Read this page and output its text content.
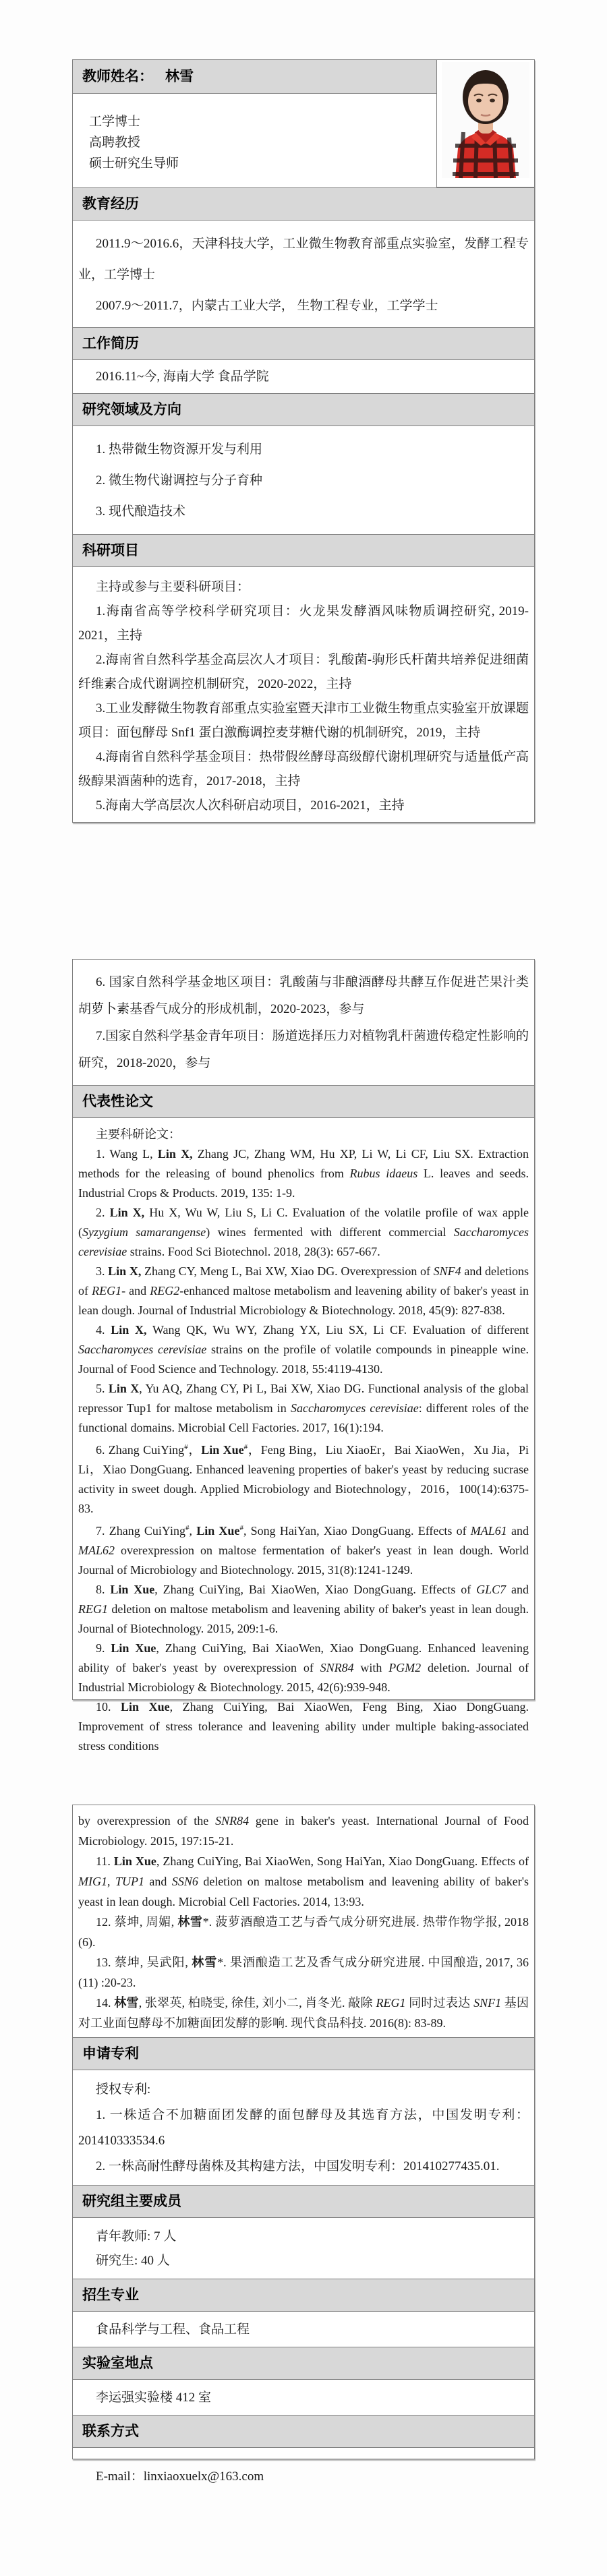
教师姓名： 林雪

工学博士

高聘教授

硕士研究生导师

教育经历

2011.9～2016.6，天津科技大学，工业微生物教育部重点实验室，发酵工程专业，工学博士

2007.9～2011.7，内蒙古工业大学， 生物工程专业，工学学士

工作简历

2016.11~今, 海南大学 食品学院

研究领域及方向

1. 热带微生物资源开发与利用

2. 微生物代谢调控与分子育种

3. 现代酿造技术

科研项目

主持或参与主要科研项目：

1.海南省高等学校科学研究项目：火龙果发酵酒风味物质调控研究, 2019-2021，主持

2.海南省自然科学基金高层次人才项目：乳酸菌-驹形氏杆菌共培养促进细菌纤维素合成代谢调控机制研究，2020-2022，主持

3.工业发酵微生物教育部重点实验室暨天津市工业微生物重点实验室开放课题项目：面包酵母 Snf1 蛋白激酶调控麦芽糖代谢的机制研究，2019，主持

4.海南省自然科学基金项目：热带假丝酵母高级醇代谢机理研究与适量低产高级醇果酒菌种的选育，2017-2018，主持

5.海南大学高层次人次科研启动项目，2016-2021，主持

6. 国家自然科学基金地区项目：乳酸菌与非酿酒酵母共酵互作促进芒果汁类胡萝卜素基香气成分的形成机制，2020-2023，参与

7.国家自然科学基金青年项目：肠道选择压力对植物乳杆菌遗传稳定性影响的研究，2018-2020，参与

代表性论文

主要科研论文：

1. Wang L, Lin X, Zhang JC, Zhang WM, Hu XP, Li W, Li CF, Liu SX. Extraction methods for the releasing of bound phenolics from Rubus idaeus L. leaves and seeds. Industrial Crops & Products. 2019, 135: 1-9.

2. Lin X, Hu X, Wu W, Liu S, Li C. Evaluation of the volatile profile of wax apple (Syzygium samarangense) wines fermented with different commercial Saccharomyces cerevisiae strains. Food Sci Biotechnol. 2018, 28(3): 657-667.

3. Lin X, Zhang CY, Meng L, Bai XW, Xiao DG. Overexpression of SNF4 and deletions of REG1- and REG2-enhanced maltose metabolism and leavening ability of baker's yeast in lean dough. Journal of Industrial Microbiology & Biotechnology. 2018, 45(9): 827-838.

4. Lin X, Wang QK, Wu WY, Zhang YX, Liu SX, Li CF. Evaluation of different Saccharomyces cerevisiae strains on the profile of volatile compounds in pineapple wine. Journal of Food Science and Technology. 2018, 55:4119-4130.

5. Lin X, Yu AQ, Zhang CY, Pi L, Bai XW, Xiao DG. Functional analysis of the global repressor Tup1 for maltose metabolism in Saccharomyces cerevisiae: different roles of the functional domains. Microbial Cell Factories. 2017, 16(1):194.

6. Zhang CuiYing#，Lin Xue#，Feng Bing，Liu XiaoEr，Bai XiaoWen，Xu Jia，Pi Li，Xiao DongGuang. Enhanced leavening properties of baker's yeast by reducing sucrase activity in sweet dough. Applied Microbiology and Biotechnology，2016，100(14):6375-83.

7. Zhang CuiYing#, Lin Xue#, Song HaiYan, Xiao DongGuang. Effects of MAL61 and MAL62 overexpression on maltose fermentation of baker's yeast in lean dough. World Journal of Microbiology and Biotechnology. 2015, 31(8):1241-1249.

8. Lin Xue, Zhang CuiYing, Bai XiaoWen, Xiao DongGuang. Effects of GLC7 and REG1 deletion on maltose metabolism and leavening ability of baker's yeast in lean dough. Journal of Biotechnology. 2015, 209:1-6.

9. Lin Xue, Zhang CuiYing, Bai XiaoWen, Xiao DongGuang. Enhanced leavening ability of baker's yeast by overexpression of SNR84 with PGM2 deletion. Journal of Industrial Microbiology & Biotechnology. 2015, 42(6):939-948.

10. Lin Xue, Zhang CuiYing, Bai XiaoWen, Feng Bing, Xiao DongGuang. Improvement of stress tolerance and leavening ability under multiple baking-associated stress conditions

by overexpression of the SNR84 gene in baker's yeast. International Journal of Food Microbiology. 2015, 197:15-21.

11. Lin Xue, Zhang CuiYing, Bai XiaoWen, Song HaiYan, Xiao DongGuang. Effects of MIG1, TUP1 and SSN6 deletion on maltose metabolism and leavening ability of baker's yeast in lean dough. Microbial Cell Factories. 2014, 13:93.

12. 蔡坤, 周媚, 林雪*. 菠萝酒酿造工艺与香气成分研究进展. 热带作物学报, 2018 (6).

13. 蔡坤, 吴武阳, 林雪*. 果酒酿造工艺及香气成分研究进展. 中国酿造, 2017, 36 (11) :20-23.

14. 林雪, 张翠英, 柏晓雯, 徐佳, 刘小二, 肖冬光. 敲除 REG1 同时过表达 SNF1 基因对工业面包酵母不加糖面团发酵的影响. 现代食品科技. 2016(8): 83-89.

申请专利

授权专利:

1. 一株适合不加糖面团发酵的面包酵母及其选育方法，中国发明专利：201410333534.6

2. 一株高耐性酵母菌株及其构建方法，中国发明专利：201410277435.01.

研究组主要成员

青年教师: 7 人

研究生: 40 人

招生专业

食品科学与工程、食品工程

实验室地点

李运强实验楼 412 室

联系方式

E-mail：linxiaoxuelx@163.com
